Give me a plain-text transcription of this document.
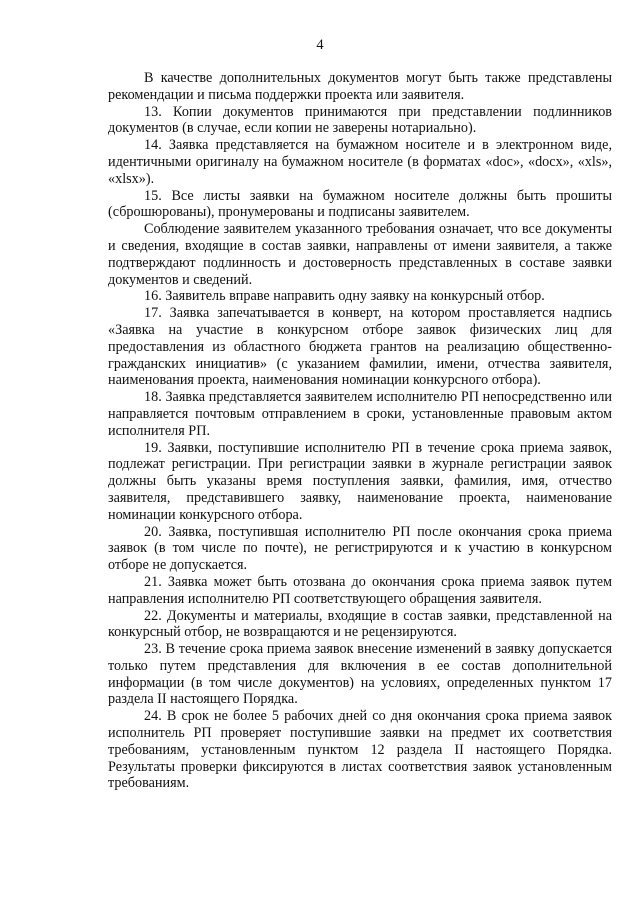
4

В качестве дополнительных документов могут быть также представлены рекомендации и письма поддержки проекта или заявителя.

13. Копии документов принимаются при представлении подлинников документов (в случае, если копии не заверены нотариально).

14. Заявка представляется на бумажном носителе и в электронном виде, идентичными оригиналу на бумажном носителе (в форматах «doc», «docx», «xls», «xlsx»).

15. Все листы заявки на бумажном носителе должны быть прошиты (сброшюрованы), пронумерованы и подписаны заявителем.

Соблюдение заявителем указанного требования означает, что все документы и сведения, входящие в состав заявки, направлены от имени заявителя, а также подтверждают подлинность и достоверность представленных в составе заявки документов и сведений.

16. Заявитель вправе направить одну заявку на конкурсный отбор.

17. Заявка запечатывается в конверт, на котором проставляется надпись «Заявка на участие в конкурсном отборе заявок физических лиц для предоставления из областного бюджета грантов на реализацию общественно-гражданских инициатив» (с указанием фамилии, имени, отчества заявителя, наименования проекта, наименования номинации конкурсного отбора).

18. Заявка представляется заявителем исполнителю РП непосредственно или направляется почтовым отправлением в сроки, установленные правовым актом исполнителя РП.

19. Заявки, поступившие исполнителю РП в течение срока приема заявок, подлежат регистрации. При регистрации заявки в журнале регистрации заявок должны быть указаны время поступления заявки, фамилия, имя, отчество заявителя, представившего заявку, наименование проекта, наименование номинации конкурсного отбора.

20. Заявка, поступившая исполнителю РП после окончания срока приема заявок (в том числе по почте), не регистрируются и к участию в конкурсном отборе не допускается.

21. Заявка может быть отозвана до окончания срока приема заявок путем направления исполнителю РП соответствующего обращения заявителя.

22. Документы и материалы, входящие в состав заявки, представленной на конкурсный отбор, не возвращаются и не рецензируются.

23. В течение срока приема заявок внесение изменений в заявку допускается только путем представления для включения в ее состав дополнительной информации (в том числе документов) на условиях, определенных пунктом 17 раздела II настоящего Порядка.

24. В срок не более 5 рабочих дней со дня окончания срока приема заявок исполнитель РП проверяет поступившие заявки на предмет их соответствия требованиям, установленным пунктом 12 раздела II настоящего Порядка. Результаты проверки фиксируются в листах соответствия заявок установленным требованиям.
